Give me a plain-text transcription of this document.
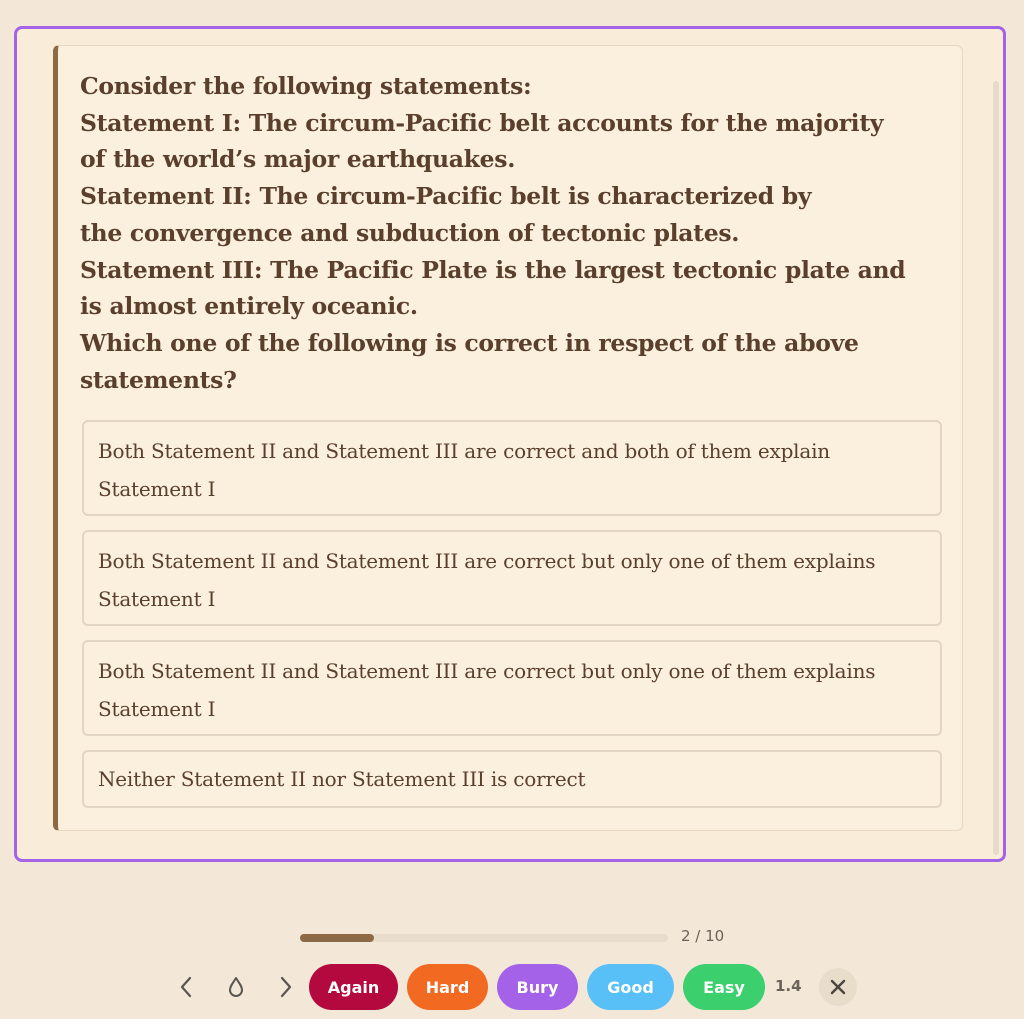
Consider the following statements:
Statement I: The circum-Pacific belt accounts for the majority
of the world’s major earthquakes.
Statement II: The circum-Pacific belt is characterized by
the convergence and subduction of tectonic plates.
Statement III: The Pacific Plate is the largest tectonic plate and
is almost entirely oceanic.
Which one of the following is correct in respect of the above
statements?

Both Statement II and Statement III are correct and both of them explain Statement I
Both Statement II and Statement III are correct but only one of them explains Statement I
Both Statement II and Statement III are correct but only one of them explains Statement I
Neither Statement II nor Statement III is correct
2 / 10
Again	Hard	Bury	Good	Easy	1.4
